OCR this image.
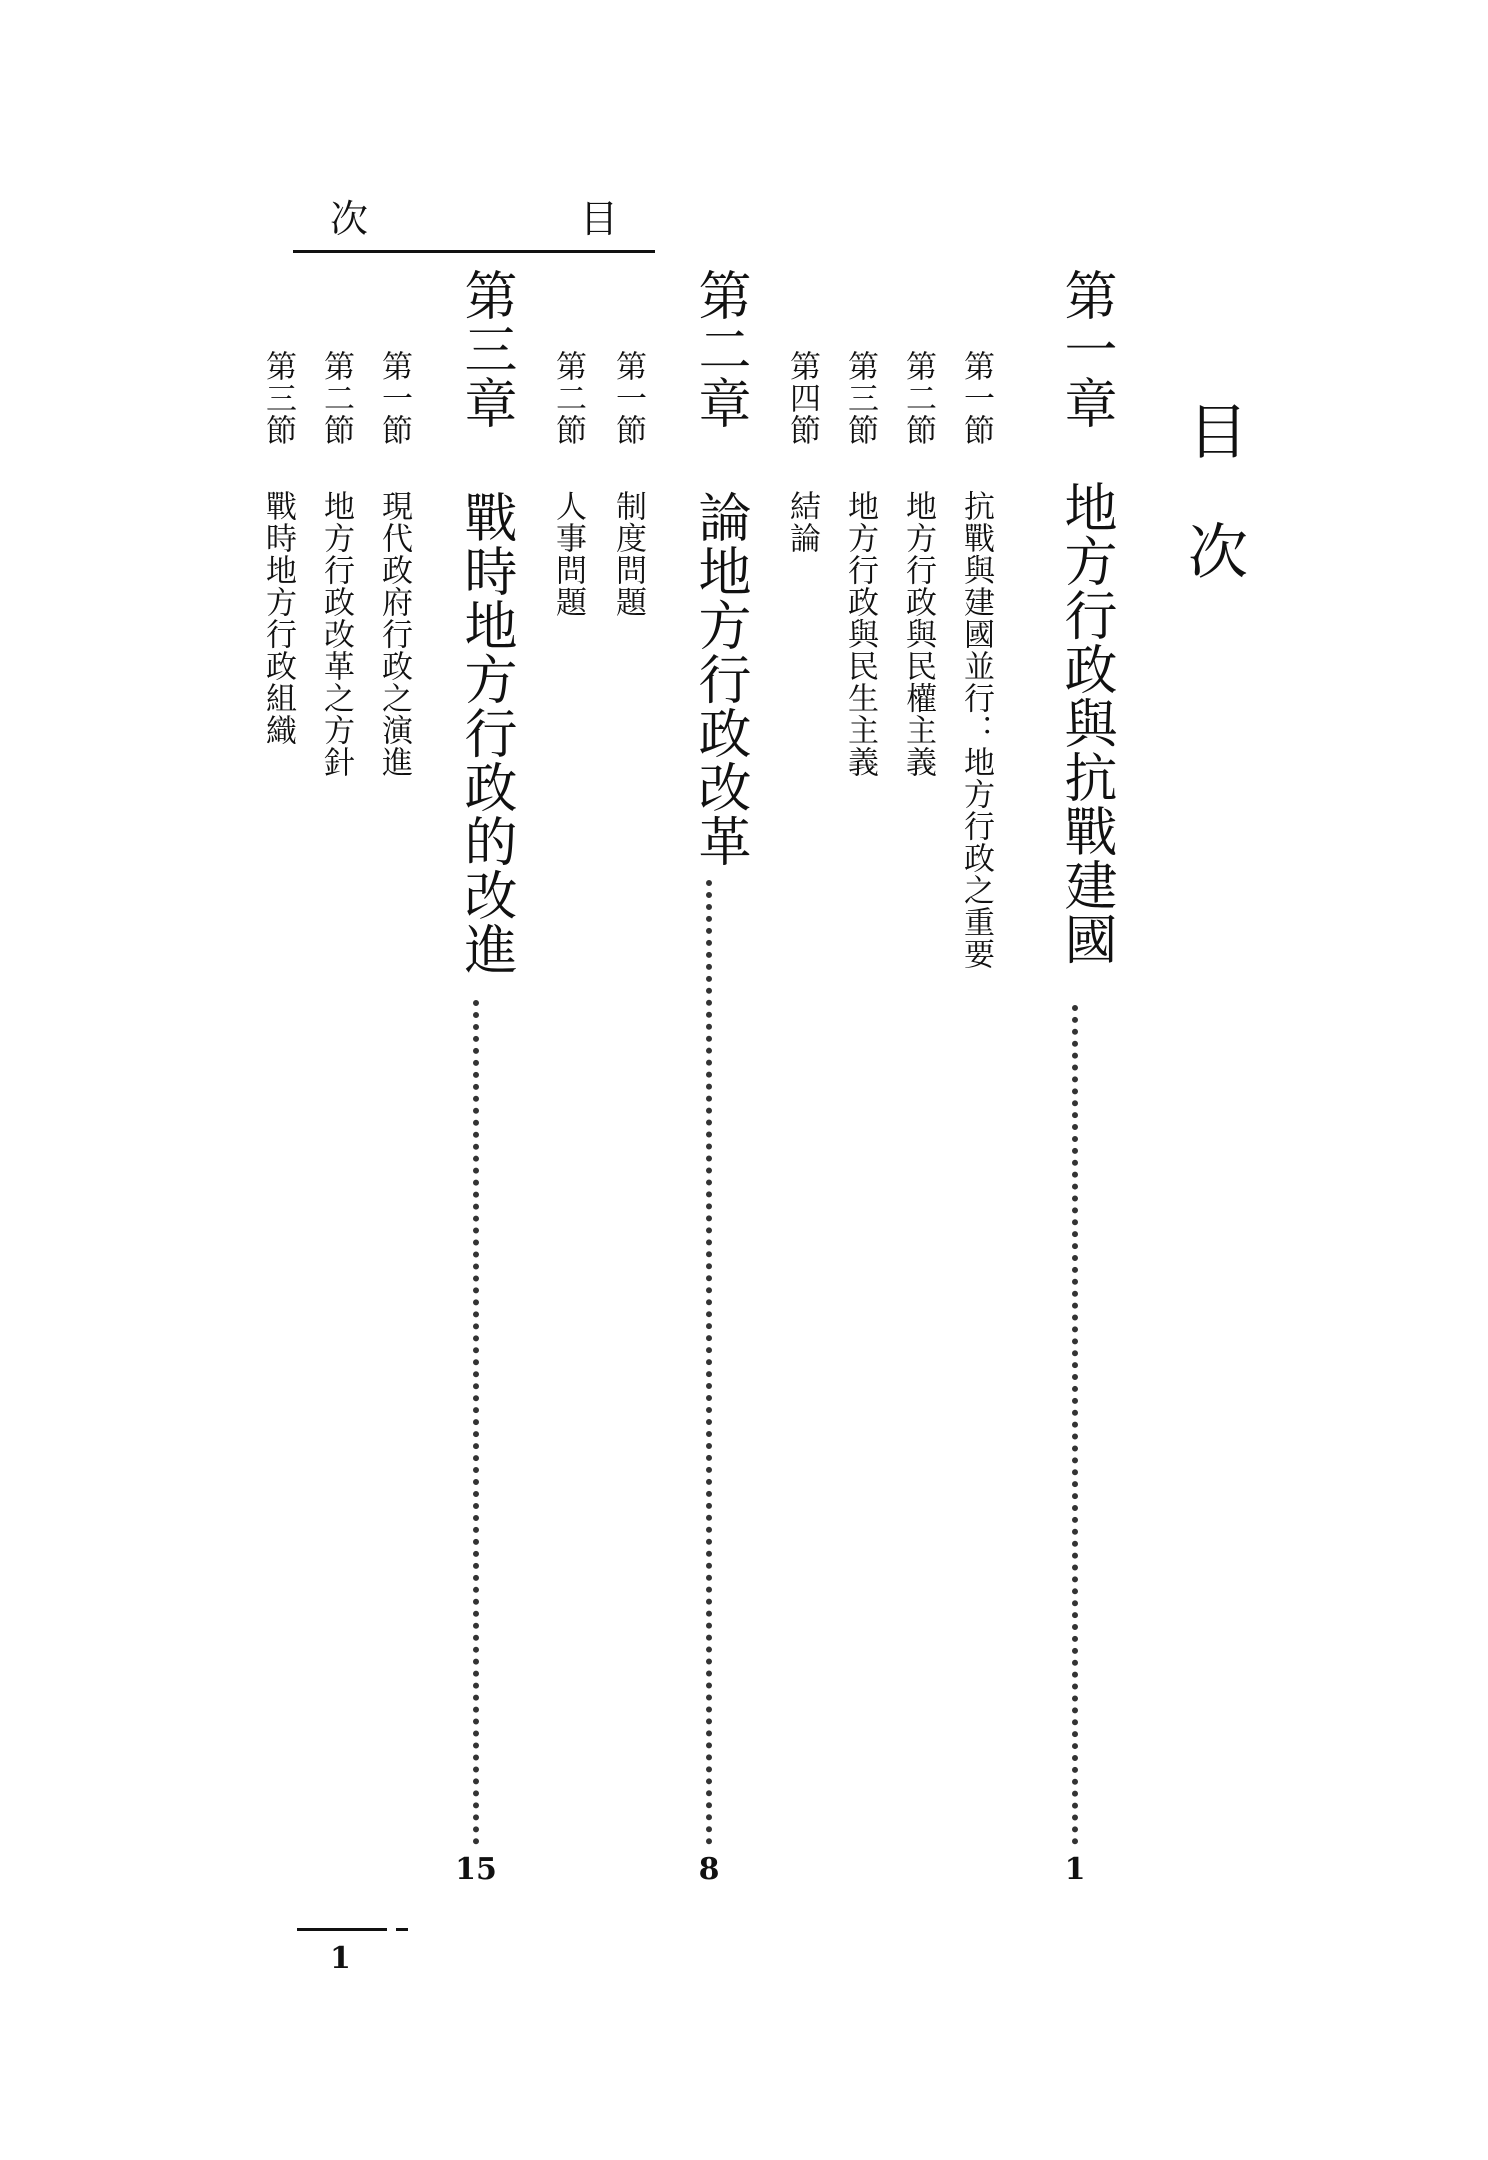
次	目
目次
第一章
地方行政與抗戰建國
1
第一節
抗戰與建國並行：地方行政之重要
第二節
地方行政與民權主義
第三節
地方行政與民生主義
第四節
結論
第二章
論地方行政改革
8
第一節
制度問題
第二節
人事問題
第三章
戰時地方行政的改進
15
第一節
現代政府行政之演進
第二節
地方行政改革之方針
第三節
戰時地方行政組織
1
